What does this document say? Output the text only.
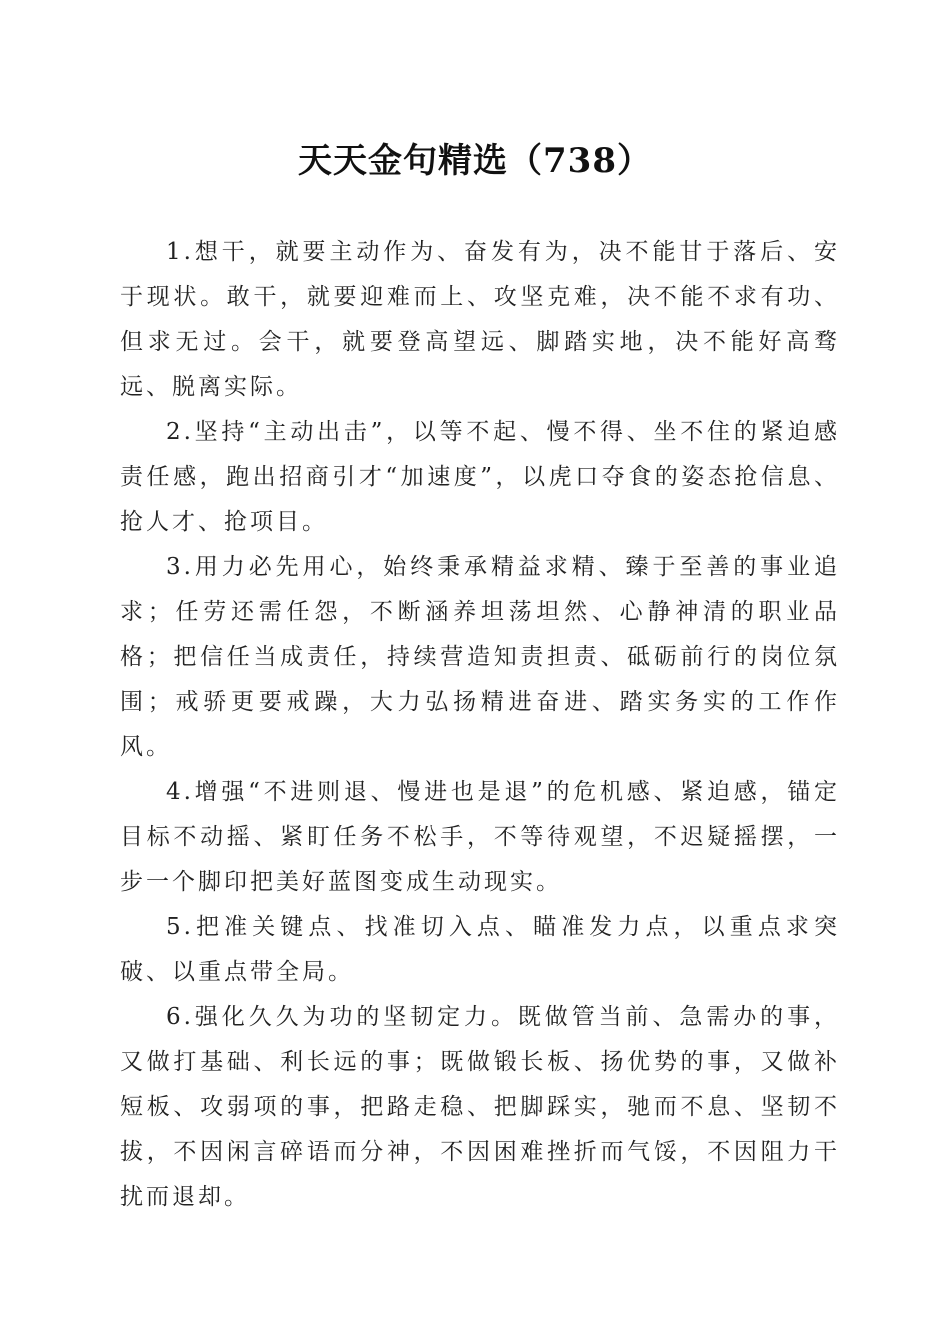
天天金句精选（738）

1.想干，就要主动作为、奋发有为，决不能甘于落后、安于现状。敢干，就要迎难而上、攻坚克难，决不能不求有功、但求无过。会干，就要登高望远、脚踏实地，决不能好高骛远、脱离实际。

2.坚持“主动出击”，以等不起、慢不得、坐不住的紧迫感责任感，跑出招商引才“加速度”，以虎口夺食的姿态抢信息、抢人才、抢项目。

3.用力必先用心，始终秉承精益求精、臻于至善的事业追求；任劳还需任怨，不断涵养坦荡坦然、心静神清的职业品格；把信任当成责任，持续营造知责担责、砥砺前行的岗位氛围；戒骄更要戒躁，大力弘扬精进奋进、踏实务实的工作作风。

4.增强“不进则退、慢进也是退”的危机感、紧迫感，锚定目标不动摇、紧盯任务不松手，不等待观望，不迟疑摇摆，一步一个脚印把美好蓝图变成生动现实。

5.把准关键点、找准切入点、瞄准发力点，以重点求突破、以重点带全局。

6.强化久久为功的坚韧定力。既做管当前、急需办的事，又做打基础、利长远的事；既做锻长板、扬优势的事，又做补短板、攻弱项的事，把路走稳、把脚踩实，驰而不息、坚韧不拔，不因闲言碎语而分神，不因困难挫折而气馁，不因阻力干扰而退却。
